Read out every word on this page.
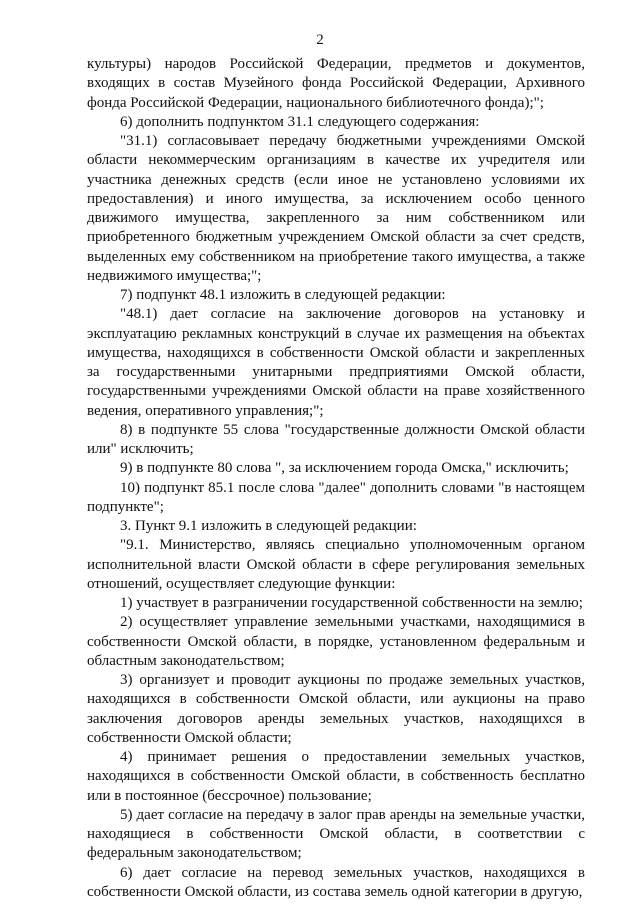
2

культуры) народов Российской Федерации, предметов и документов, входящих в состав Музейного фонда Российской Федерации, Архивного фонда Российской Федерации, национального библиотечного фонда);";

6) дополнить подпунктом 31.1 следующего содержания:

"31.1) согласовывает передачу бюджетными учреждениями Омской области некоммерческим организациям в качестве их учредителя или участника денежных средств (если иное не установлено условиями их предоставления) и иного имущества, за исключением особо ценного движимого имущества, закрепленного за ним собственником или приобретенного бюджетным учреждением Омской области за счет средств, выделенных ему собственником на приобретение такого имущества, а также недвижимого имущества;";

7) подпункт 48.1 изложить в следующей редакции:

"48.1) дает согласие на заключение договоров на установку и эксплуатацию рекламных конструкций в случае их размещения на объектах имущества, находящихся в собственности Омской области и закрепленных за государственными унитарными предприятиями Омской области, государственными учреждениями Омской области на праве хозяйственного ведения, оперативного управления;";

8) в подпункте 55 слова "государственные должности Омской области или" исключить;

9) в подпункте 80 слова ", за исключением города Омска," исключить;

10) подпункт 85.1 после слова "далее" дополнить словами "в настоящем подпункте";

3. Пункт 9.1 изложить в следующей редакции:

"9.1. Министерство, являясь специально уполномоченным органом исполнительной власти Омской области в сфере регулирования земельных отношений, осуществляет следующие функции:

1) участвует в разграничении государственной собственности на землю;

2) осуществляет управление земельными участками, находящимися в собственности Омской области, в порядке, установленном федеральным и областным законодательством;

3) организует и проводит аукционы по продаже земельных участков, находящихся в собственности Омской области, или аукционы на право заключения договоров аренды земельных участков, находящихся в собственности Омской области;

4) принимает решения о предоставлении земельных участков, находящихся в собственности Омской области, в собственность бесплатно или в постоянное (бессрочное) пользование;

5) дает согласие на передачу в залог прав аренды на земельные участки, находящиеся в собственности Омской области, в соответствии с федеральным законодательством;

6) дает согласие на перевод земельных участков, находящихся в собственности Омской области, из состава земель одной категории в другую,
